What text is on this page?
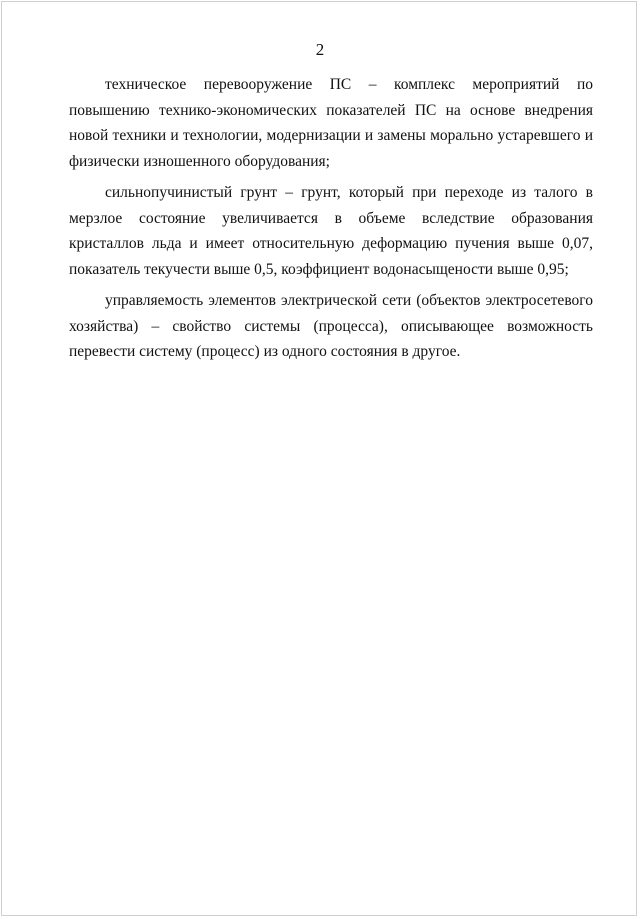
2

техническое перевооружение ПС – комплекс мероприятий по повышению технико-экономических показателей ПС на основе внедрения новой техники и технологии, модернизации и замены морально устаревшего и физически изношенного оборудования;

сильнопучинистый грунт – грунт, который при переходе из талого в мерзлое состояние увеличивается в объеме вследствие образования кристаллов льда и имеет относительную деформацию пучения выше 0,07, показатель текучести выше 0,5, коэффициент водонасыщености выше 0,95;

управляемость элементов электрической сети (объектов электросетевого хозяйства) – свойство системы (процесса), описывающее возможность перевести систему (процесс) из одного состояния в другое.
